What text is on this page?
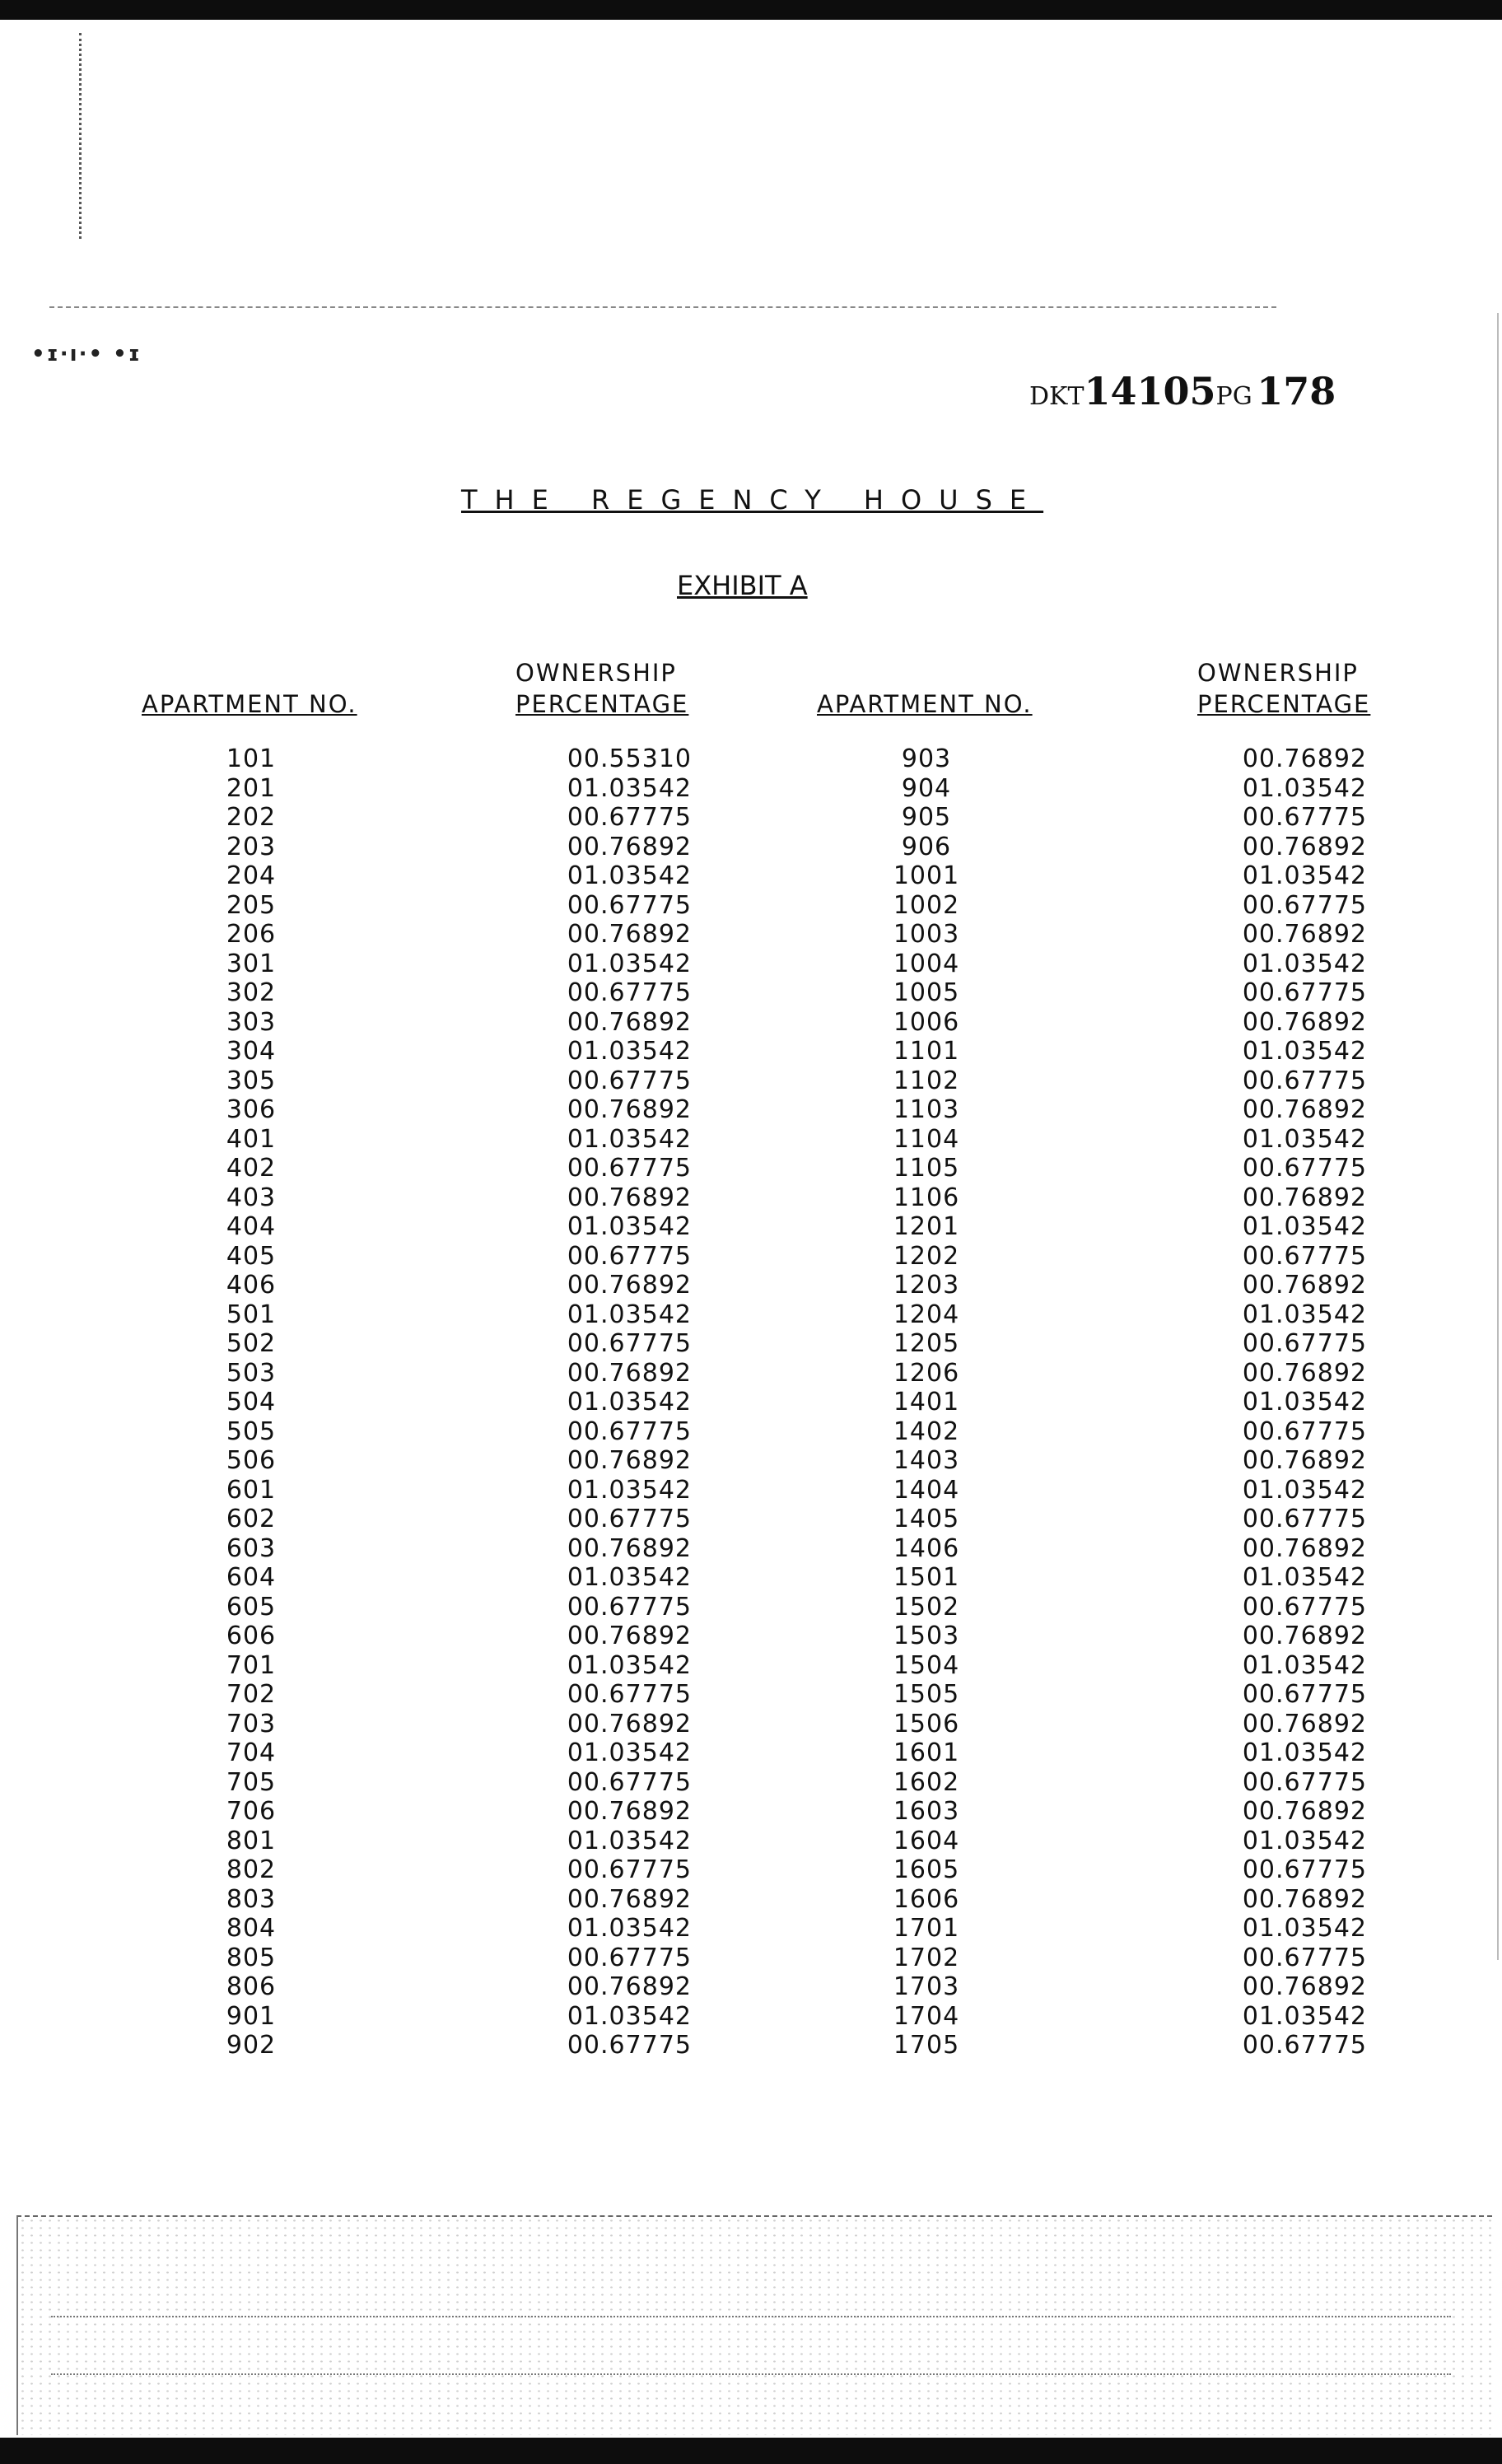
•ɪ·ı·• •ɪ
DKT14105PG 178
THE REGENCY HOUSE
EXHIBIT A
APARTMENT NO.
OWNERSHIP
PERCENTAGE	APARTMENT NO.
OWNERSHIP
PERCENTAGE
101
201
202
203
204
205
206
301
302
303
304
305
306
401
402
403
404
405
406
501
502
503
504
505
506
601
602
603
604
605
606
701
702
703
704
705
706
801
802
803
804
805
806
901
902
00.55310
01.03542
00.67775
00.76892
01.03542
00.67775
00.76892
01.03542
00.67775
00.76892
01.03542
00.67775
00.76892
01.03542
00.67775
00.76892
01.03542
00.67775
00.76892
01.03542
00.67775
00.76892
01.03542
00.67775
00.76892
01.03542
00.67775
00.76892
01.03542
00.67775
00.76892
01.03542
00.67775
00.76892
01.03542
00.67775
00.76892
01.03542
00.67775
00.76892
01.03542
00.67775
00.76892
01.03542
00.67775
903
904
905
906
1001
1002
1003
1004
1005
1006
1101
1102
1103
1104
1105
1106
1201
1202
1203
1204
1205
1206
1401
1402
1403
1404
1405
1406
1501
1502
1503
1504
1505
1506
1601
1602
1603
1604
1605
1606
1701
1702
1703
1704
1705
00.76892
01.03542
00.67775
00.76892
01.03542
00.67775
00.76892
01.03542
00.67775
00.76892
01.03542
00.67775
00.76892
01.03542
00.67775
00.76892
01.03542
00.67775
00.76892
01.03542
00.67775
00.76892
01.03542
00.67775
00.76892
01.03542
00.67775
00.76892
01.03542
00.67775
00.76892
01.03542
00.67775
00.76892
01.03542
00.67775
00.76892
01.03542
00.67775
00.76892
01.03542
00.67775
00.76892
01.03542
00.67775
